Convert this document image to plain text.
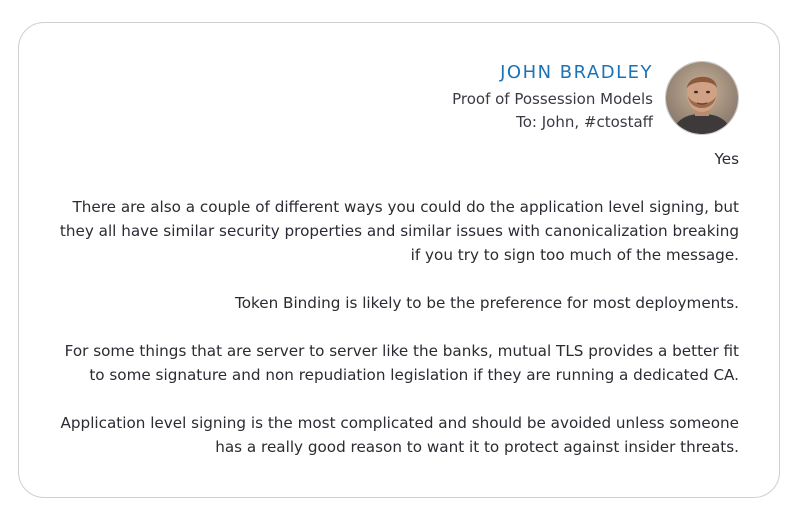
JOHN BRADLEY
Proof of Possession Models
To: John, #ctostaff

Yes

There are also a couple of different ways you could do the application level signing, but they all have similar security properties and similar issues with canonicalization breaking if you try to sign too much of the message.

Token Binding is likely to be the preference for most deployments.

For some things that are server to server like the banks, mutual TLS provides a better fit to some signature and non repudiation legislation if they are running a dedicated CA.

Application level signing is the most complicated and should be avoided unless someone has a really good reason to want it to protect against insider threats.
